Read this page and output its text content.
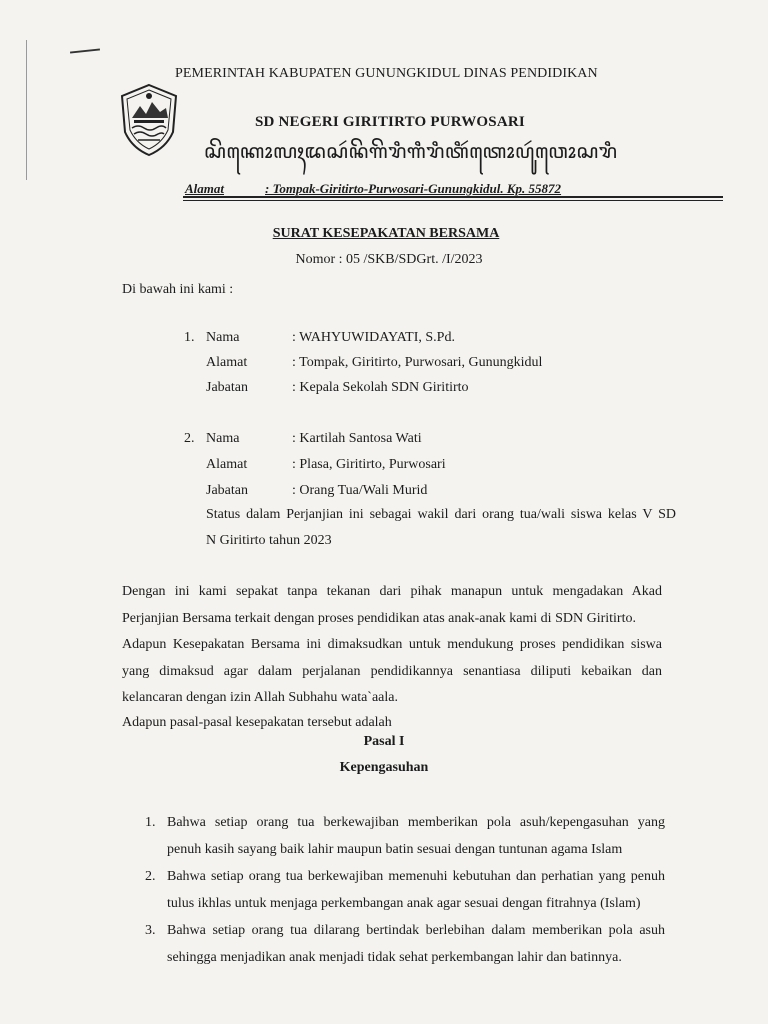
PEMERINTAH KABUPATEN GUNUNGKIDUL DINAS PENDIDIKAN
SD NEGERI GIRITIRTO PURWOSARI
ꦱꦼꦏꦺꦴꦭꦃꦢꦱꦂꦤꦼꦒꦼꦫꦶꦒꦶꦫꦶꦠꦶꦂꦠꦺꦴꦥꦸꦂꦮꦺꦴꦱꦫꦶ
Alamat	: Tompak-Giritirto-Purwosari-Gunungkidul. Kp. 55872
SURAT KESEPAKATAN BERSAMA
Nomor : 05 /SKB/SDGrt. /I/2023
Di bawah ini kami :
1. Nama	: WAHYUWIDAYATI, S.Pd.
Alamat	: Tompak, Giritirto, Purwosari, Gunungkidul
Jabatan	: Kepala Sekolah SDN Giritirto
2. Nama	: Kartilah Santosa Wati
Alamat	: Plasa, Giritirto, Purwosari
Jabatan	: Orang Tua/Wali Murid
Status dalam Perjanjian ini sebagai wakil dari orang tua/wali siswa kelas V SD
N Giritirto tahun 2023
Dengan ini kami sepakat tanpa tekanan dari pihak manapun untuk mengadakan Akad
Perjanjian Bersama terkait dengan proses pendidikan atas anak-anak kami di SDN Giritirto.
Adapun Kesepakatan Bersama ini dimaksudkan untuk mendukung proses pendidikan siswa
yang dimaksud agar dalam perjalanan pendidikannya senantiasa diliputi kebaikan dan
kelancaran dengan izin Allah Subhahu wata`aala.
Adapun pasal-pasal kesepakatan tersebut adalah
Pasal I
Kepengasuhan
1. Bahwa setiap orang tua berkewajiban memberikan pola asuh/kepengasuhan yang
penuh kasih sayang baik lahir maupun batin sesuai dengan tuntunan agama Islam
2. Bahwa setiap orang tua berkewajiban memenuhi kebutuhan dan perhatian yang penuh
tulus ikhlas untuk menjaga perkembangan anak agar sesuai dengan fitrahnya (Islam)
3. Bahwa setiap orang tua dilarang bertindak berlebihan dalam memberikan pola asuh
sehingga menjadikan anak menjadi tidak sehat perkembangan lahir dan batinnya.
